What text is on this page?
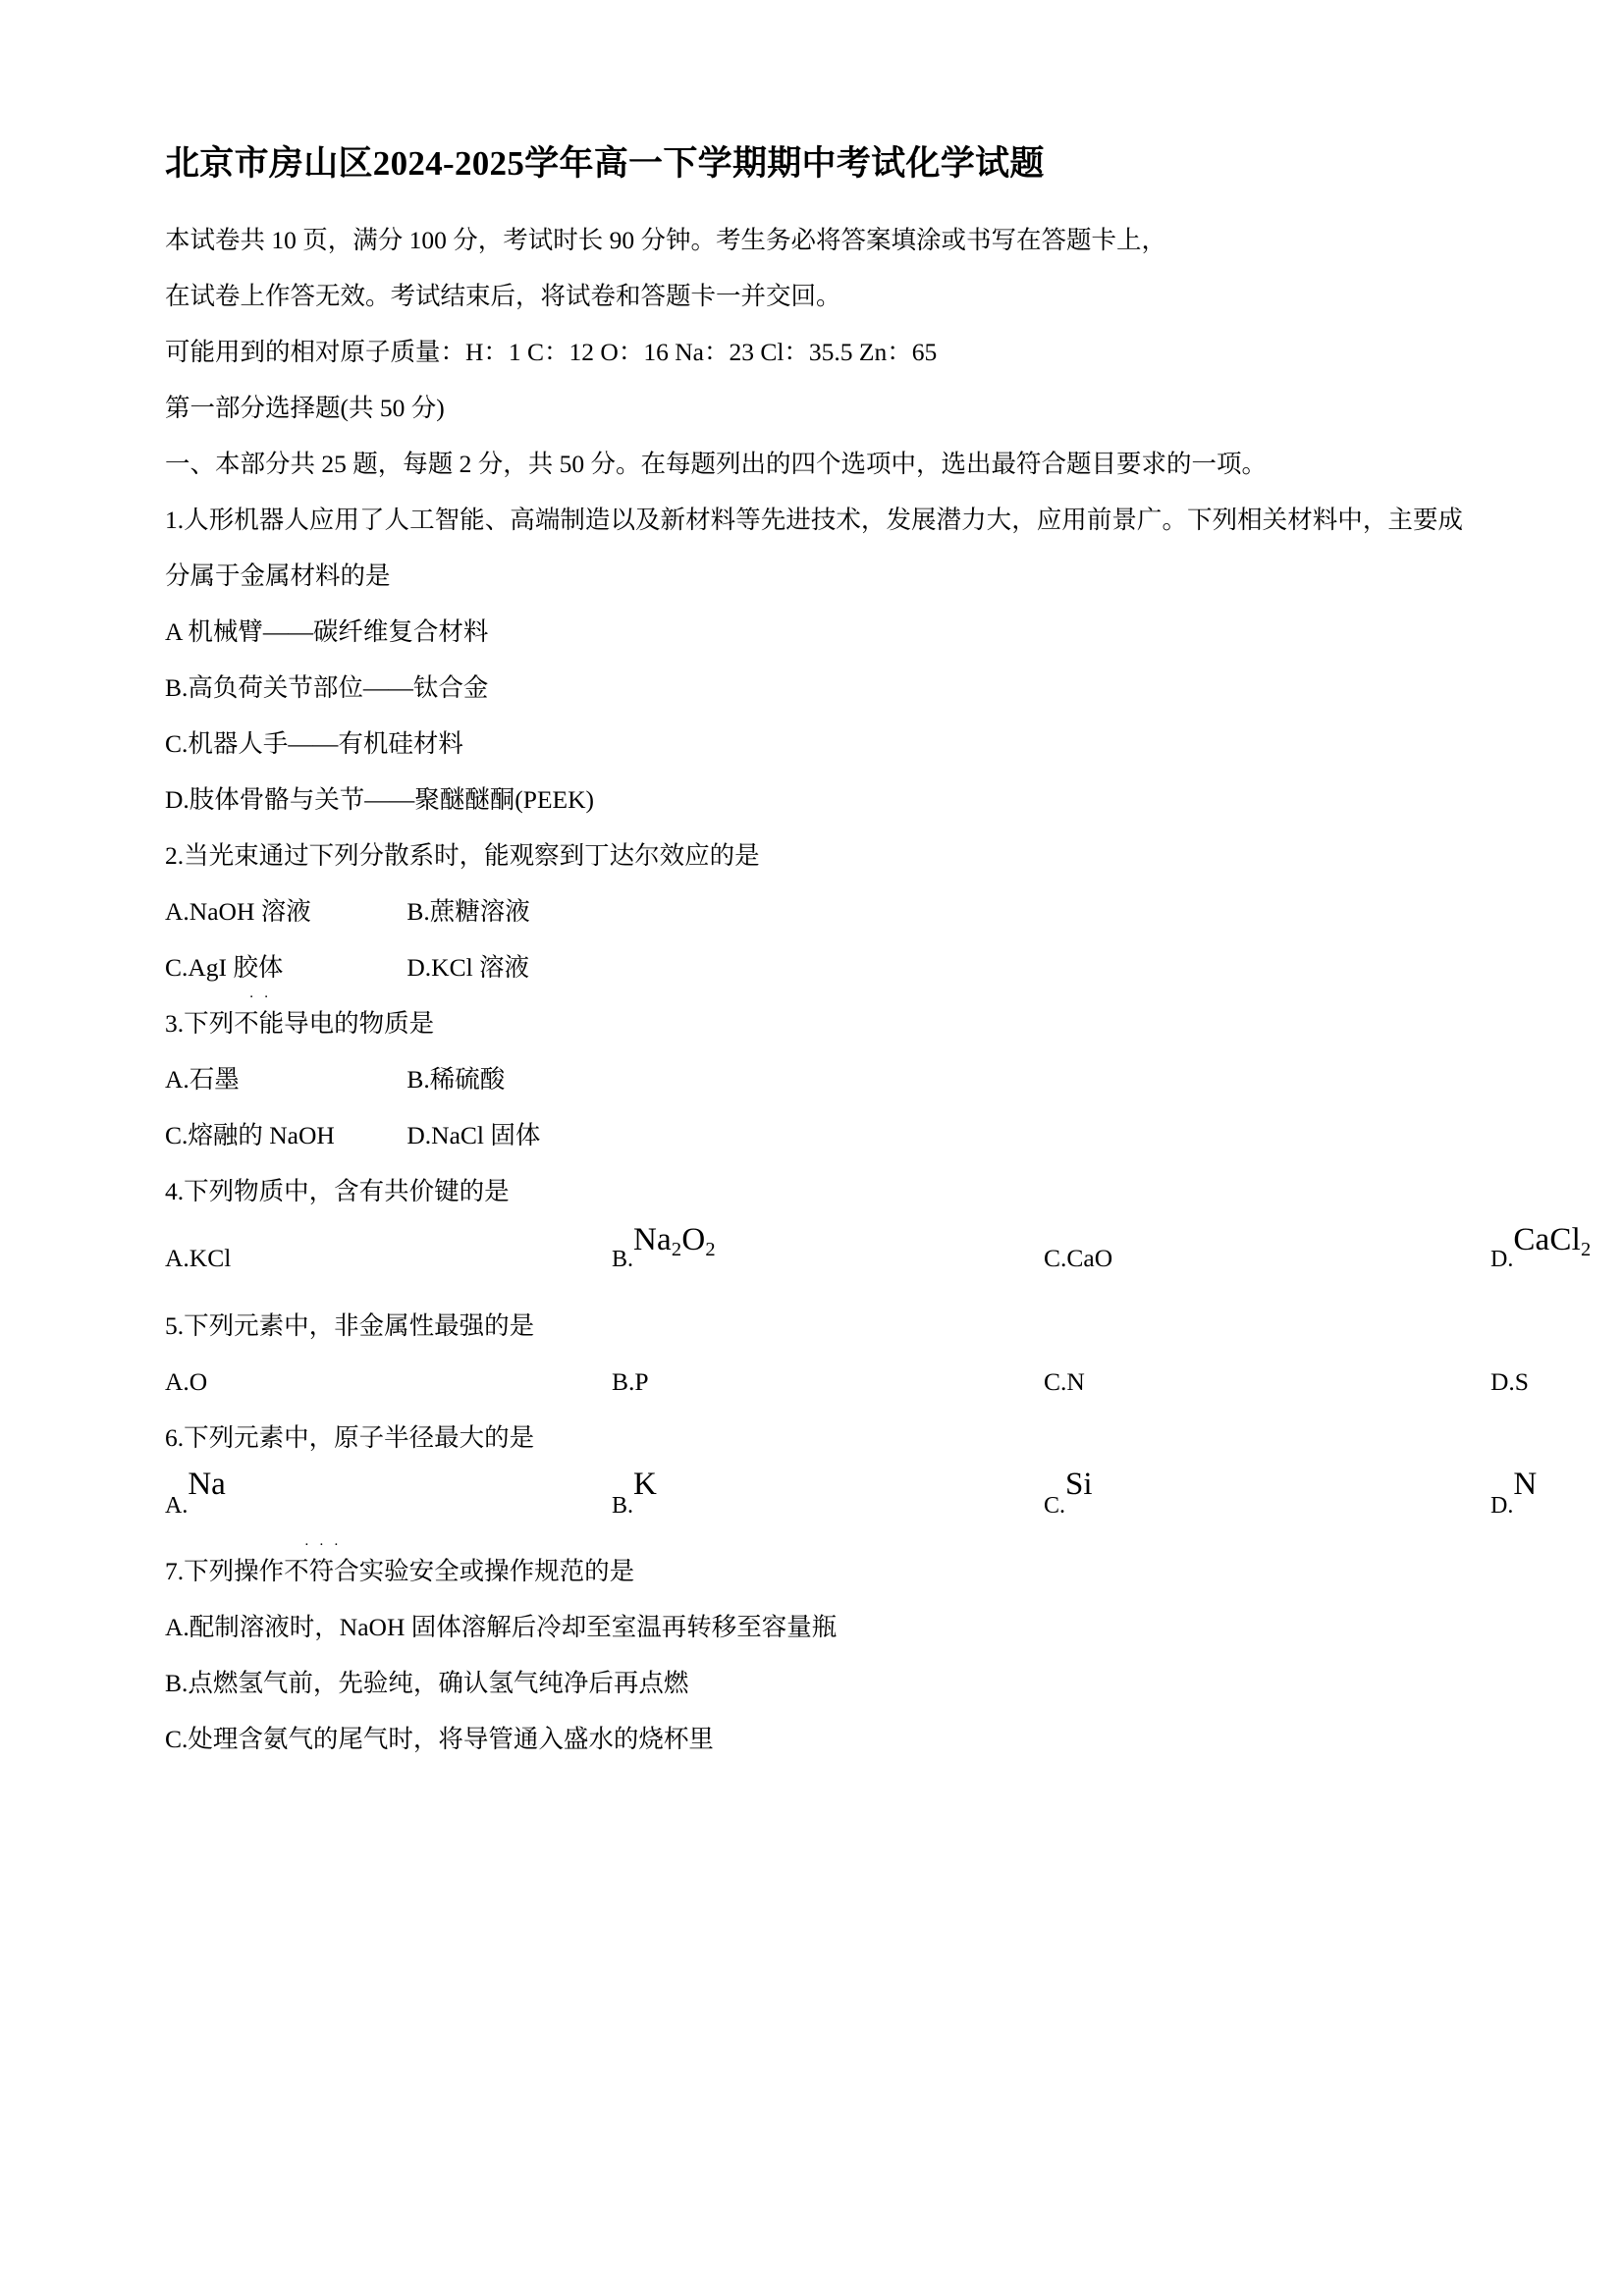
北京市房山区2024-2025学年高一下学期期中考试化学试题

本试卷共 10 页，满分 100 分，考试时长 90 分钟。考生务必将答案填涂或书写在答题卡上，

在试卷上作答无效。考试结束后，将试卷和答题卡一并交回。

可能用到的相对原子质量：H：1 C：12 O：16 Na：23 Cl：35.5 Zn：65

第一部分选择题(共 50 分)

一、本部分共 25 题，每题 2 分，共 50 分。在每题列出的四个选项中，选出最符合题目要求的一项。

1.人形机器人应用了人工智能、高端制造以及新材料等先进技术，发展潜力大，应用前景广。下列相关材料中，主要成分属于金属材料的是

A 机械臂——碳纤维复合材料

B.高负荷关节部位——钛合金

C.机器人手——有机硅材料

D.肢体骨骼与关节——聚醚醚酮(PEEK)

2.当光束通过下列分散系时，能观察到丁达尔效应的是

A.NaOH 溶液	B.蔗糖溶液

C.AgI 胶体	D.KCl 溶液

3.下列
· ·
不能导电的物质是

A.石墨	B.稀硫酸

C.熔融的 NaOH	D.NaCl 固体

4.下列物质中，含有共价键的是

A.KCl	$B.Na_2O_2$	C.CaO	D.CaCl$_2$

5.下列元素中，非金属性最强的是

A.O	B.P	C.N	D.S

6.下列元素中，原子半径最大的是

A.NaB.KC.SiD.N

7.下列操作
· · ·
不符合实验安全或操作规范的是

A.配制溶液时，NaOH 固体溶解后冷却至室温再转移至容量瓶

B.点燃氢气前，先验纯，确认氢气纯净后再点燃

C.处理含氨气的尾气时，将导管通入盛水的烧杯里
